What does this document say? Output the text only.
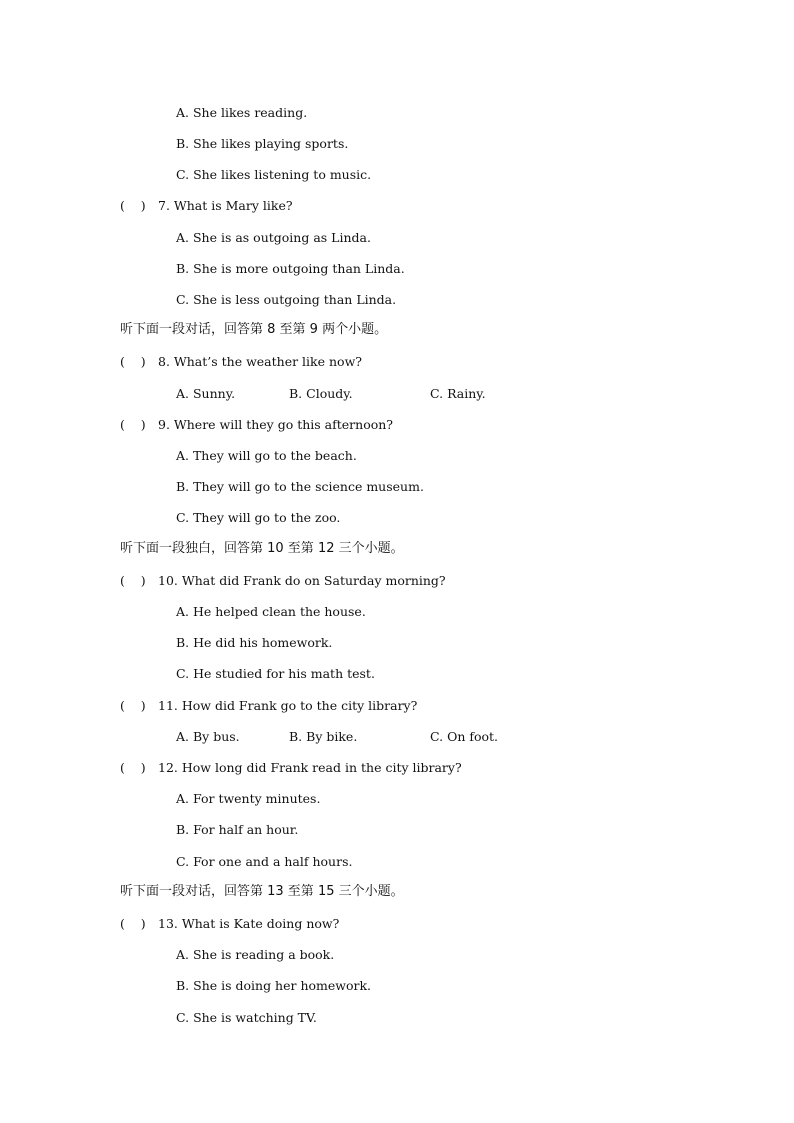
A. She likes reading.
B. She likes playing sports.
C. She likes listening to music.
(    ) 7. What is Mary like?
A. She is as outgoing as Linda.
B. She is more outgoing than Linda.
C. She is less outgoing than Linda.
听下面一段对话，回答第 8 至第 9 两个小题。
(    ) 8. What’s the weather like now?

A. Sunny.

	B. Cloudy.

	C. Rainy.

(    ) 9. Where will they go this afternoon?
A. They will go to the beach.
B. They will go to the science museum.
C. They will go to the zoo.
听下面一段独白，回答第 10 至第 12 三个小题。
(    ) 10. What did Frank do on Saturday morning?
A. He helped clean the house.
B. He did his homework.
C. He studied for his math test.
(    ) 11. How did Frank go to the city library?

A. By bus.

	B. By bike.

	C. On foot.

(    ) 12. How long did Frank read in the city library?
A. For twenty minutes.
B. For half an hour.
C. For one and a half hours.
听下面一段对话，回答第 13 至第 15 三个小题。
(    ) 13. What is Kate doing now?
A. She is reading a book.
B. She is doing her homework.
C. She is watching TV.
